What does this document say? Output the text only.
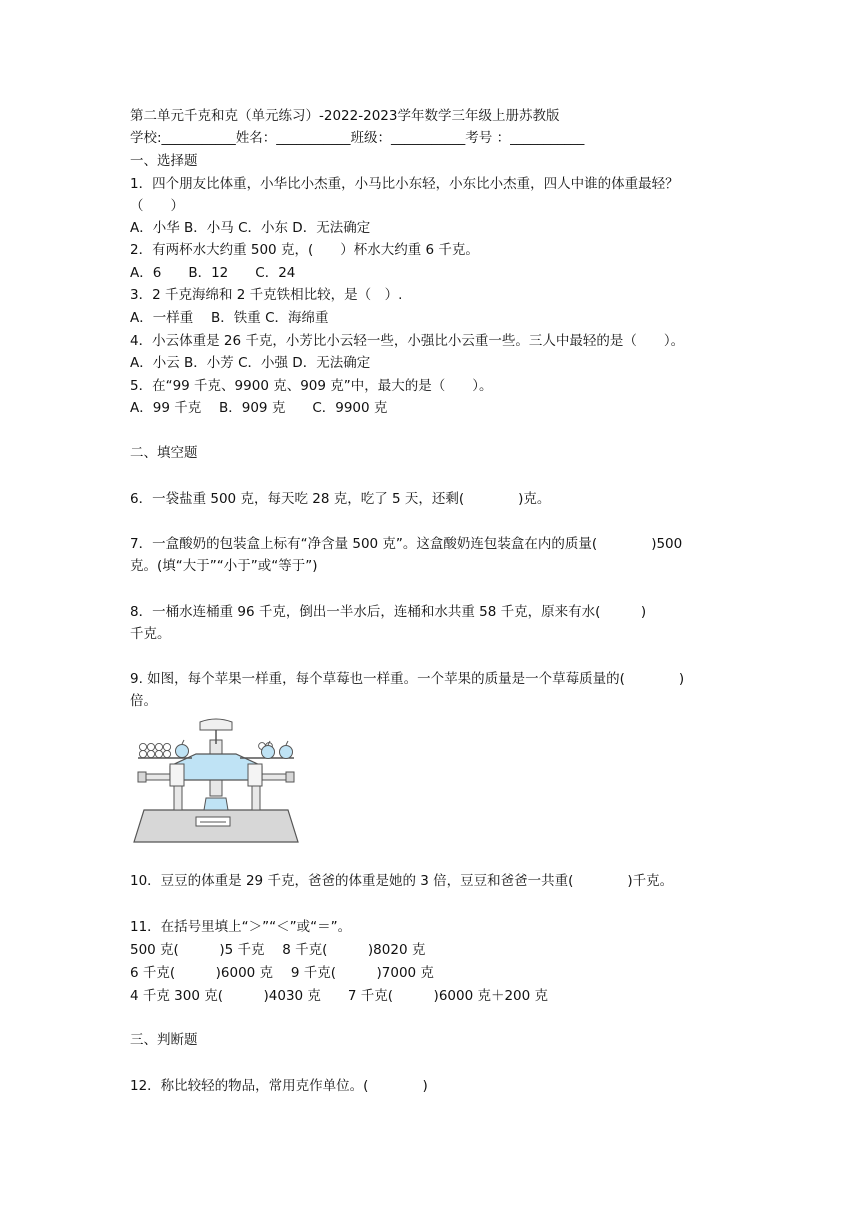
第二单元千克和克（单元练习）-2022-2023学年数学三年级上册苏教版
学校:___________姓名：___________班级：___________考号 ：___________
一、选择题
1．四个朋友比体重，小华比小杰重，小马比小东轻，小东比小杰重，四人中谁的体重最轻？
（　　）
A．小华 B．小马 C．小东 D．无法确定
2．有两杯水大约重 500 克，(　　）杯水大约重 6 千克。
A．6　　B．12　　C．24
3．2 千克海绵和 2 千克铁相比较，是（　）.
A．一样重　 B．铁重 C．海绵重
4．小云体重是 26 千克，小芳比小云轻一些，小强比小云重一些。三人中最轻的是（　　）。
A．小云 B．小芳 C．小强 D．无法确定
5．在“99 千克、9900 克、909 克”中，最大的是（　　）。
A．99 千克　 B．909 克　　C．9900 克
二、填空题
6．一袋盐重 500 克，每天吃 28 克，吃了 5 天，还剩(　　　　)克。
7．一盒酸奶的包装盒上标有“净含量 500 克”。这盒酸奶连包装盒在内的质量(　　　　)500
克。(填“大于”“小于”或“等于”)
8．一桶水连桶重 96 千克，倒出一半水后，连桶和水共重 58 千克，原来有水(　　　)
千克。
9. 如图，每个苹果一样重，每个草莓也一样重。一个苹果的质量是一个草莓质量的(　　　　)
倍。
10．豆豆的体重是 29 千克，爸爸的体重是她的 3 倍，豆豆和爸爸一共重(　　　　)千克。
11．在括号里填上“＞”“＜”或“＝”。
500 克(　　　)5 千克　 8 千克(　　　)8020 克
6 千克(　　　)6000 克　 9 千克(　　　)7000 克
4 千克 300 克(　　　)4030 克　　7 千克(　　　)6000 克＋200 克
三、判断题
12．称比较轻的物品，常用克作单位。(　　　　)
